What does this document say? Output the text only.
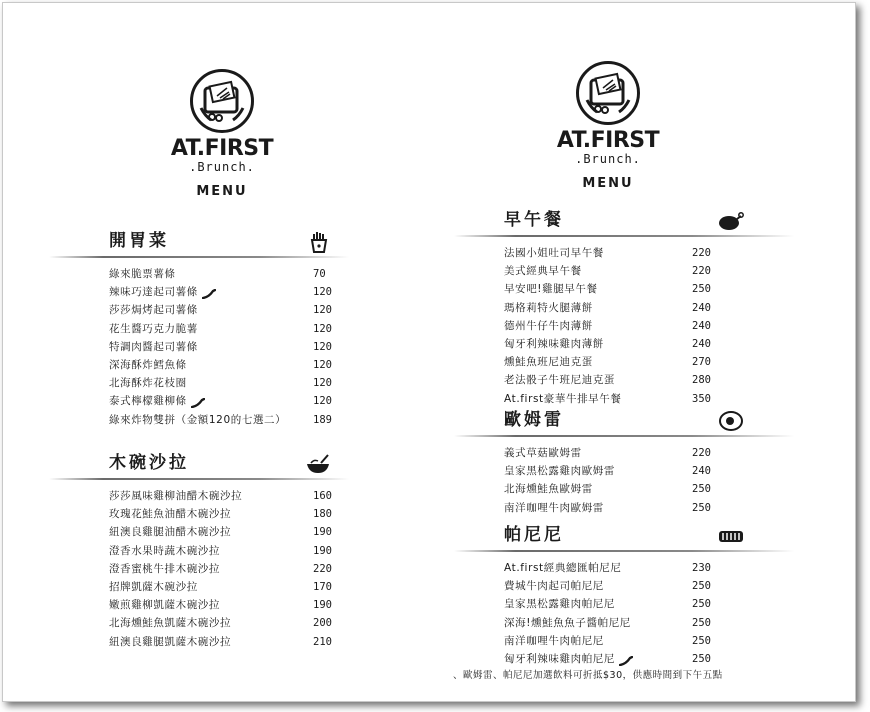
AT.FIRST
.Brunch.
MENU
開胃菜
綠來脆票薯條	70
辣味巧達起司薯條	120
莎莎焗烤起司薯條	120
花生醬巧克力脆薯	120
特調肉醬起司薯條	120
深海酥炸鱈魚條	120
北海酥炸花枝圈	120
泰式檸檬雞柳條	120
綠來炸物雙拼（金額120的七選二）	189
木碗沙拉
莎莎風味雞柳油醋木碗沙拉	160
玫瑰花鮭魚油醋木碗沙拉	180
紐澳良雞腿油醋木碗沙拉	190
澄香水果時蔬木碗沙拉	190
澄香蜜桃牛排木碗沙拉	220
招牌凱薩木碗沙拉	170
嫩煎雞柳凱薩木碗沙拉	190
北海燻鮭魚凱薩木碗沙拉	200
紐澳良雞腿凱薩木碗沙拉	210
AT.FIRST
.Brunch.
MENU
早午餐
法國小姐吐司早午餐	220
美式經典早午餐	220
早安吧!雞腿早午餐	250
瑪格莉特火腿薄餅	240
德州牛仔牛肉薄餅	240
匈牙利辣味雞肉薄餅	240
燻鮭魚班尼迪克蛋	270
老法骰子牛班尼迪克蛋	280
At.first豪華牛排早午餐	350
歐姆雷
義式草菇歐姆雷	220
皇家黑松露雞肉歐姆雷	240
北海燻鮭魚歐姆雷	250
南洋咖哩牛肉歐姆雷	250
帕尼尼
At.first經典總匯帕尼尼	230
費城牛肉起司帕尼尼	250
皇家黑松露雞肉帕尼尼	250
深海!燻鮭魚魚子醬帕尼尼	250
南洋咖哩牛肉帕尼尼	250
匈牙利辣味雞肉帕尼尼	250
、歐姆雷、帕尼尼加選飲料可折抵$30，供應時間到下午五點
